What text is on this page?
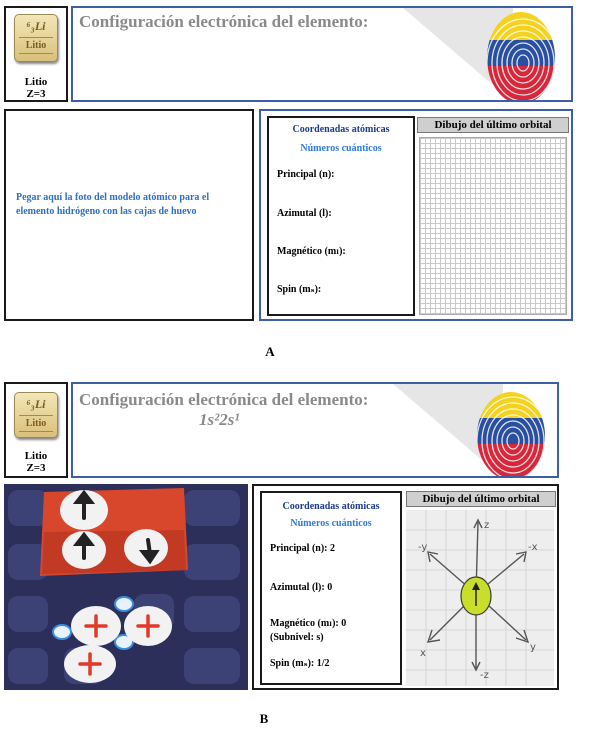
⁶₃Li
Litio
Litio
Z=3
Configuración electrónica del elemento:
Pegar aquí la foto del modelo atómico para el elemento hidrógeno con las cajas de huevo
Coordenadas atómicas
Números cuánticos
Principal (n):
Azimutal (l):
Magnético (mₗ):
Spin (mₛ):
Dibujo del último orbital
A
⁶₃Li
Litio
Litio
Z=3
Configuración electrónica del elemento:
1s²2s¹
Coordenadas atómicas
Números cuánticos
Principal (n): 2
Azimutal (l): 0
Magnético (mₗ): 0
(Subnivel: s)
Spin (mₛ): 1/2
Dibujo del último orbital
z
-x
-y
x
-z
y
B
